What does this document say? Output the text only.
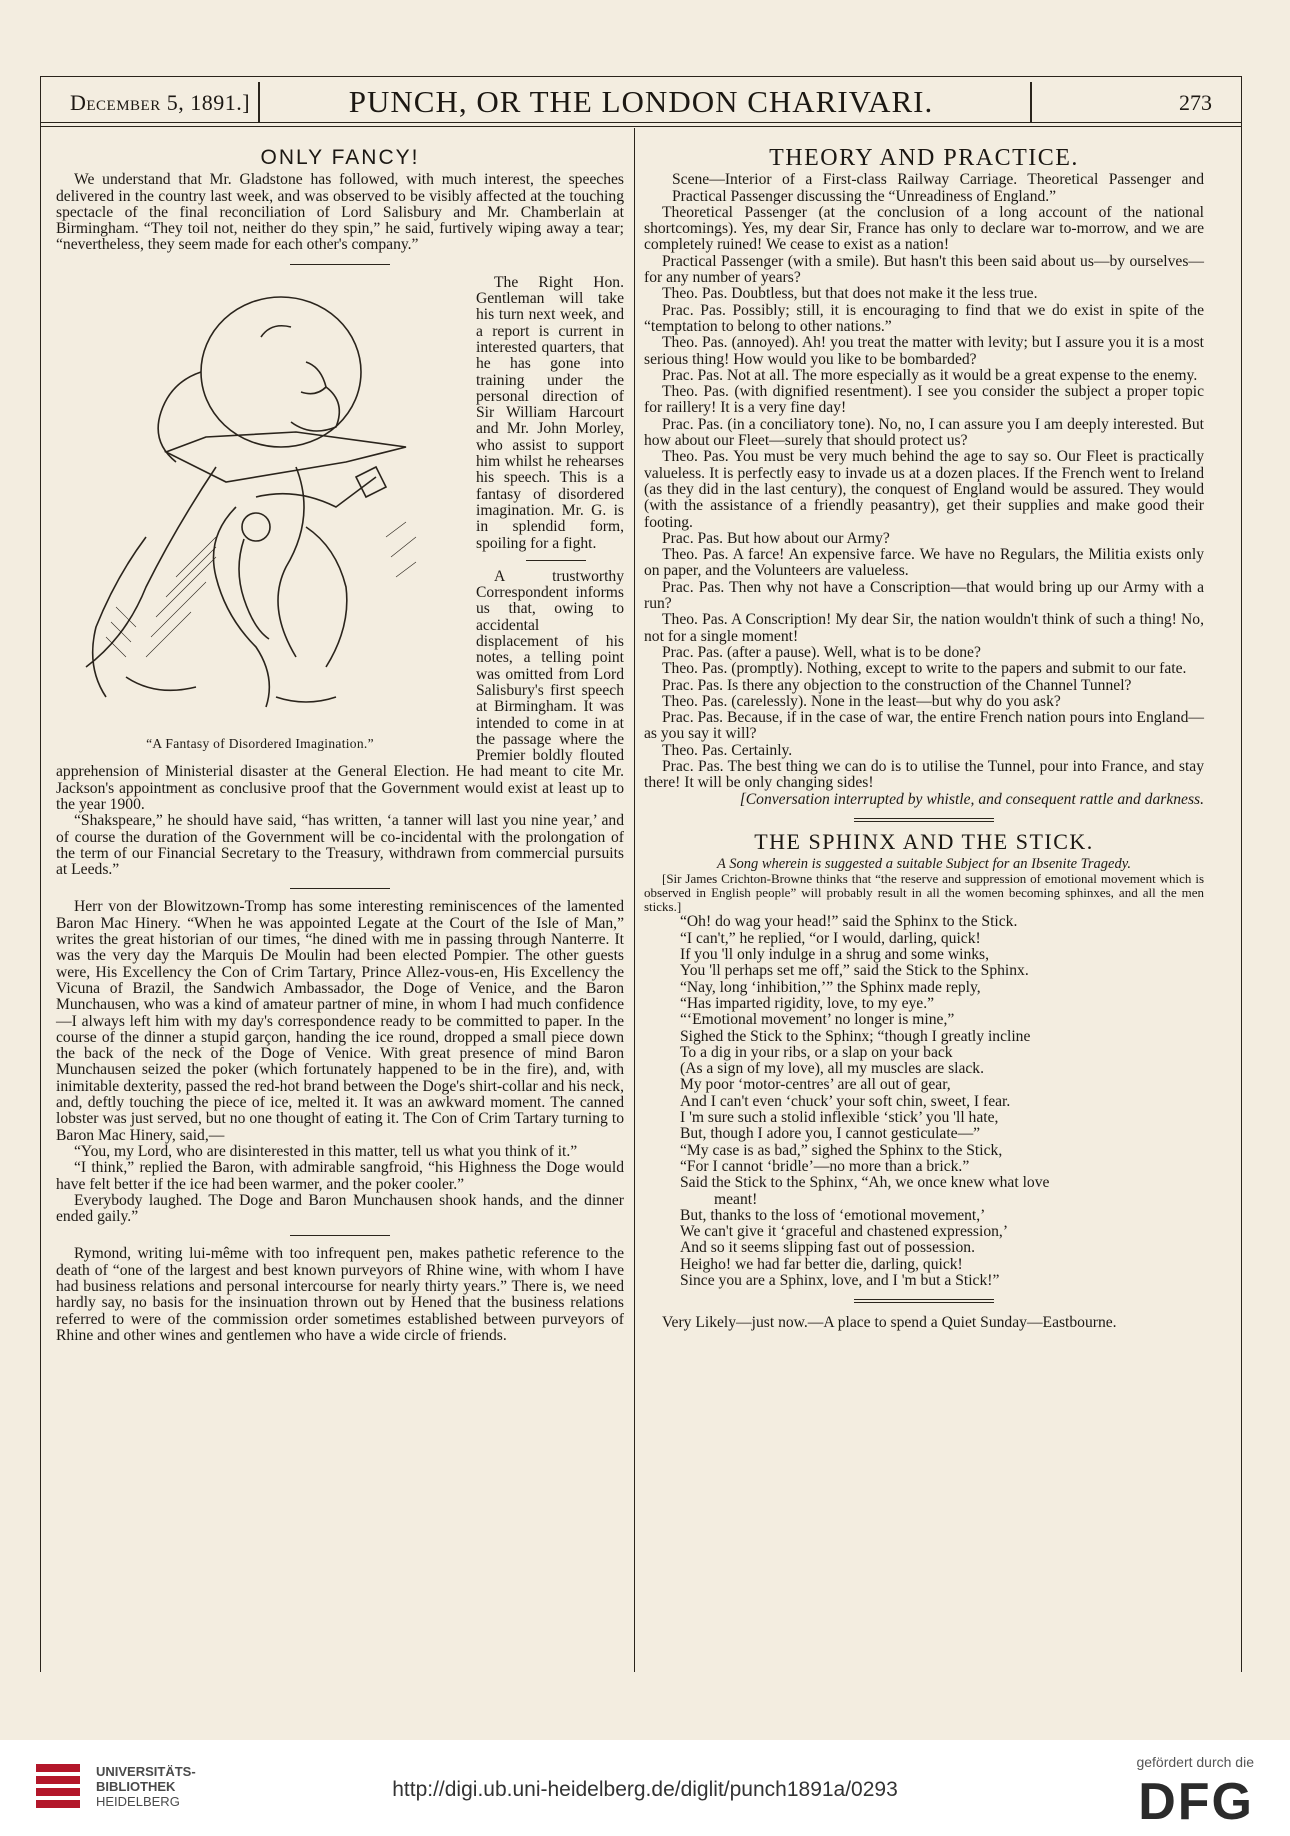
December 5, 1891.]	PUNCH, OR THE LONDON CHARIVARI.	273
ONLY FANCY!

We understand that Mr. Gladstone has followed, with much interest, the speeches delivered in the country last week, and was observed to be visibly affected at the touching spectacle of the final reconciliation of Lord Salisbury and Mr. Chamberlain at Birmingham. “They toil not, neither do they spin,” he said, furtively wiping away a tear; “nevertheless, they seem made for each other's company.”

“A Fantasy of Disordered Imagination.”

The Right Hon. Gentleman will take his turn next week, and a report is current in interested quarters, that he has gone into training under the personal direction of Sir William Harcourt and Mr. John Morley, who assist to support him whilst he rehearses his speech. This is a fantasy of disordered imagination. Mr. G. is in splendid form, spoiling for a fight.

A trustworthy Correspondent informs us that, owing to accidental displacement of his notes, a telling point was omitted from Lord Salisbury's first speech at Birmingham. It was intended to come in at the passage where the Premier boldly flouted apprehension of Ministerial disaster at the General Election. He had meant to cite Mr. Jackson's appointment as conclusive proof that the Government would exist at least up to the year 1900.

“Shakspeare,” he should have said, “has written, ‘a tanner will last you nine year,’ and of course the duration of the Government will be co-incidental with the prolongation of the term of our Financial Secretary to the Treasury, withdrawn from commercial pursuits at Leeds.”

Herr von der Blowitzown-Tromp has some interesting reminiscences of the lamented Baron Mac Hinery. “When he was appointed Legate at the Court of the Isle of Man,” writes the great historian of our times, “he dined with me in passing through Nanterre. It was the very day the Marquis De Moulin had been elected Pompier. The other guests were, His Excellency the Con of Crim Tartary, Prince Allez-vous-en, His Excellency the Vicuna of Brazil, the Sandwich Ambassador, the Doge of Venice, and the Baron Munchausen, who was a kind of amateur partner of mine, in whom I had much confidence—I always left him with my day's correspondence ready to be committed to paper. In the course of the dinner a stupid garçon, handing the ice round, dropped a small piece down the back of the neck of the Doge of Venice. With great presence of mind Baron Munchausen seized the poker (which fortunately happened to be in the fire), and, with inimitable dexterity, passed the red-hot brand between the Doge's shirt-collar and his neck, and, deftly touching the piece of ice, melted it. It was an awkward moment. The canned lobster was just served, but no one thought of eating it. The Con of Crim Tartary turning to Baron Mac Hinery, said,—

“You, my Lord, who are disinterested in this matter, tell us what you think of it.”

“I think,” replied the Baron, with admirable sangfroid, “his Highness the Doge would have felt better if the ice had been warmer, and the poker cooler.”

Everybody laughed. The Doge and Baron Munchausen shook hands, and the dinner ended gaily.”

Rymond, writing lui-même with too infrequent pen, makes pathetic reference to the death of “one of the largest and best known purveyors of Rhine wine, with whom I have had business relations and personal intercourse for nearly thirty years.” There is, we need hardly say, no basis for the insinuation thrown out by Hened that the business relations referred to were of the commission order sometimes established between purveyors of Rhine and other wines and gentlemen who have a wide circle of friends.

THEORY AND PRACTICE.

Scene—Interior of a First-class Railway Carriage. Theoretical Passenger and Practical Passenger discussing the “Unreadiness of England.”

Theoretical Passenger (at the conclusion of a long account of the national shortcomings). Yes, my dear Sir, France has only to declare war to-morrow, and we are completely ruined! We cease to exist as a nation!

Practical Passenger (with a smile). But hasn't this been said about us—by ourselves—for any number of years?

Theo. Pas. Doubtless, but that does not make it the less true.

Prac. Pas. Possibly; still, it is encouraging to find that we do exist in spite of the “temptation to belong to other nations.”

Theo. Pas. (annoyed). Ah! you treat the matter with levity; but I assure you it is a most serious thing! How would you like to be bombarded?

Prac. Pas. Not at all. The more especially as it would be a great expense to the enemy.

Theo. Pas. (with dignified resentment). I see you consider the subject a proper topic for raillery! It is a very fine day!

Prac. Pas. (in a conciliatory tone). No, no, I can assure you I am deeply interested. But how about our Fleet—surely that should protect us?

Theo. Pas. You must be very much behind the age to say so. Our Fleet is practically valueless. It is perfectly easy to invade us at a dozen places. If the French went to Ireland (as they did in the last century), the conquest of England would be assured. They would (with the assistance of a friendly peasantry), get their supplies and make good their footing.

Prac. Pas. But how about our Army?

Theo. Pas. A farce! An expensive farce. We have no Regulars, the Militia exists only on paper, and the Volunteers are valueless.

Prac. Pas. Then why not have a Conscription—that would bring up our Army with a run?

Theo. Pas. A Conscription! My dear Sir, the nation wouldn't think of such a thing! No, not for a single moment!

Prac. Pas. (after a pause). Well, what is to be done?

Theo. Pas. (promptly). Nothing, except to write to the papers and submit to our fate.

Prac. Pas. Is there any objection to the construction of the Channel Tunnel?

Theo. Pas. (carelessly). None in the least—but why do you ask?

Prac. Pas. Because, if in the case of war, the entire French nation pours into England—as you say it will?

Theo. Pas. Certainly.

Prac. Pas. The best thing we can do is to utilise the Tunnel, pour into France, and stay there! It will be only changing sides!

[Conversation interrupted by whistle, and consequent rattle and darkness.

THE SPHINX AND THE STICK.

A Song wherein is suggested a suitable Subject for an Ibsenite Tragedy.

[Sir James Crichton-Browne thinks that “the reserve and suppression of emotional movement which is observed in English people” will probably result in all the women becoming sphinxes, and all the men sticks.]

“Oh! do wag your head!” said the Sphinx to the Stick.

“I can't,” he replied, “or I would, darling, quick!

If you 'll only indulge in a shrug and some winks,

You 'll perhaps set me off,” said the Stick to the Sphinx.

“Nay, long ‘inhibition,’” the Sphinx made reply,

“Has imparted rigidity, love, to my eye.”

“‘Emotional movement’ no longer is mine,”

Sighed the Stick to the Sphinx; “though I greatly incline

To a dig in your ribs, or a slap on your back

(As a sign of my love), all my muscles are slack.

My poor ‘motor-centres’ are all out of gear,

And I can't even ‘chuck’ your soft chin, sweet, I fear.

I 'm sure such a stolid inflexible ‘stick’ you 'll hate,

But, though I adore you, I cannot gesticulate—”

“My case is as bad,” sighed the Sphinx to the Stick,

“For I cannot ‘bridle’—no more than a brick.”

Said the Stick to the Sphinx, “Ah, we once knew what love

meant!

But, thanks to the loss of ‘emotional movement,’

We can't give it ‘graceful and chastened expression,’

And so it seems slipping fast out of possession.

Heigho! we had far better die, darling, quick!

Since you are a Sphinx, love, and I 'm but a Stick!”

Very Likely—just now.—A place to spend a Quiet Sunday—Eastbourne.

UNIVERSITÄTS-
BIBLIOTHEK
HEIDELBERG
http://digi.ub.uni-heidelberg.de/diglit/punch1891a/0293
gefördert durch die
DFG
